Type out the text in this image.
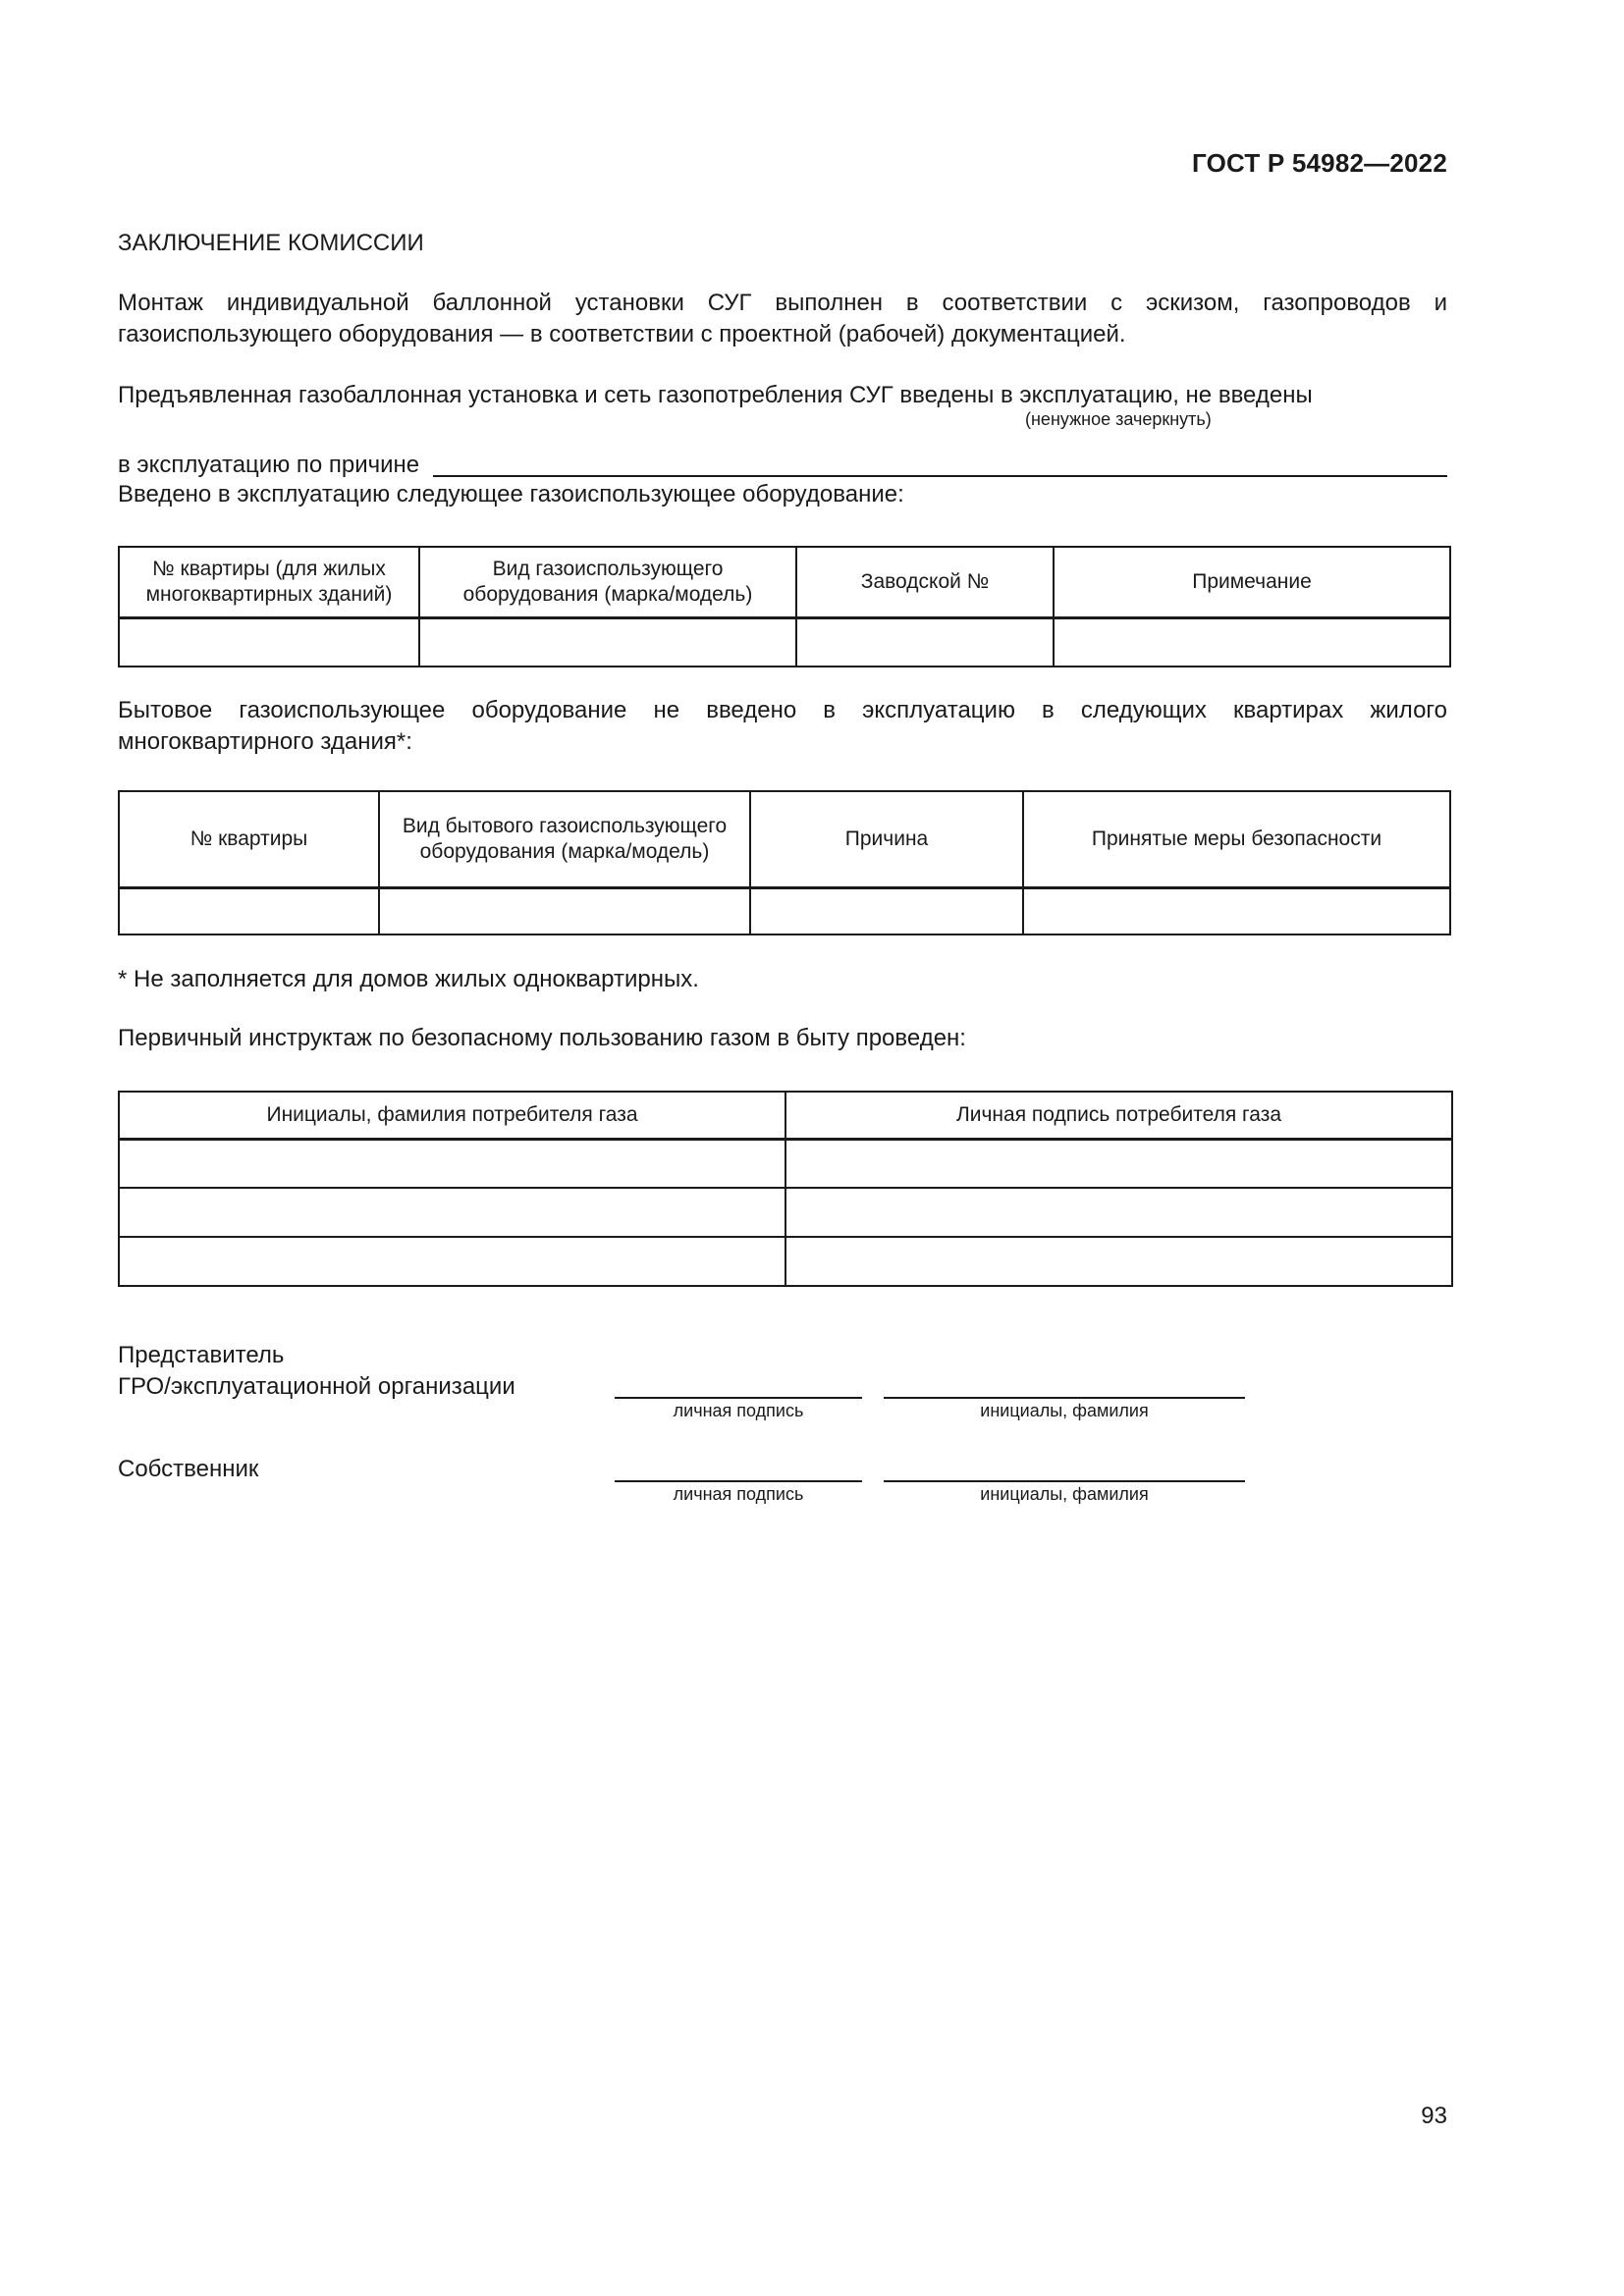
ГОСТ Р 54982—2022
ЗАКЛЮЧЕНИЕ КОМИССИИ
Монтаж индивидуальной баллонной установки СУГ выполнен в соответствии с эскизом, газопроводов и газоиспользующего оборудования — в соответствии с проектной (рабочей) документацией.
Предъявленная газобаллонная установка и сеть газопотребления СУГ введены в эксплуатацию, не введены
(ненужное зачеркнуть)
в эксплуатацию по причине
Введено в эксплуатацию следующее газоиспользующее оборудование:
№ квартиры (для жилых многоквартирных зданий)	Вид газоиспользующего оборудования (марка/модель)	Заводской №	Примечание

Бытовое газоиспользующее оборудование не введено в эксплуатацию в следующих квартирах жилого многоквартирного здания*:
№ квартиры	Вид бытового газоиспользующего оборудования (марка/модель)	Причина	Принятые меры безопасности

* Не заполняется для домов жилых одноквартирных.
Первичный инструктаж по безопасному пользованию газом в быту проведен:
Инициалы, фамилия потребителя газа	Личная подпись потребителя газа

Представитель
ГРО/эксплуатационной организации
личная подпись	инициалы, фамилия
Собственник
личная подпись	инициалы, фамилия
93
